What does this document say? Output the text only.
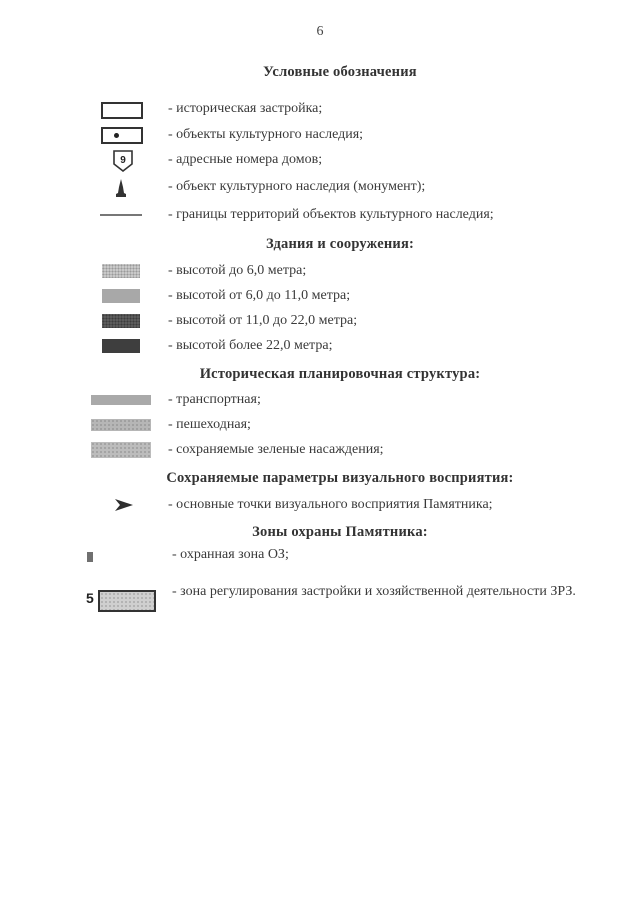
6
Условные обозначения
- историческая застройка;
- объекты культурного наследия;
9	- адресные номера домов;
- объект культурного наследия (монумент);
- границы территорий объектов культурного наследия;
Здания и сооружения:
- высотой до 6,0 метра;
- высотой от 6,0 до 11,0 метра;
- высотой от 11,0 до 22,0 метра;
- высотой более 22,0 метра;
Историческая планировочная структура:
- транспортная;
- пешеходная;
- сохраняемые зеленые насаждения;
Сохраняемые параметры визуального восприятия:
- основные точки визуального восприятия Памятника;
Зоны охраны Памятника:
- охранная зона ОЗ;
5	- зона регулирования застройки и хозяйственной деятельности ЗРЗ.
